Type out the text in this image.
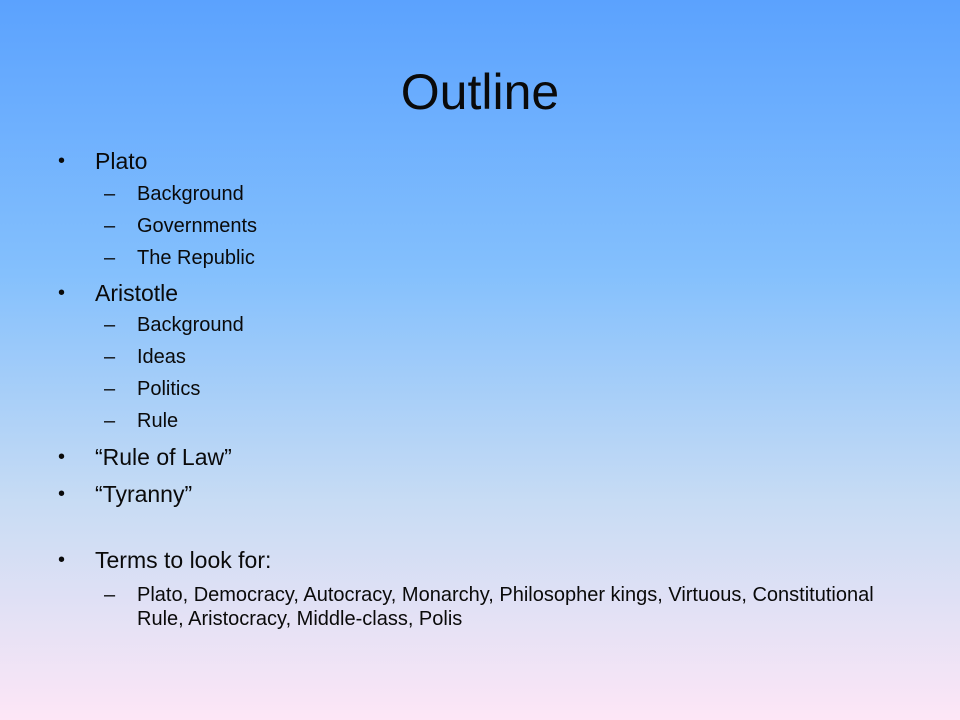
Outline
• Plato
– Background
– Governments
– The Republic
• Aristotle
– Background
– Ideas
– Politics
– Rule
• “Rule of Law”
• “Tyranny”
• Terms to look for:
– Plato, Democracy, Autocracy, Monarchy, Philosopher kings, Virtuous, Constitutional Rule, Aristocracy, Middle-class, Polis
